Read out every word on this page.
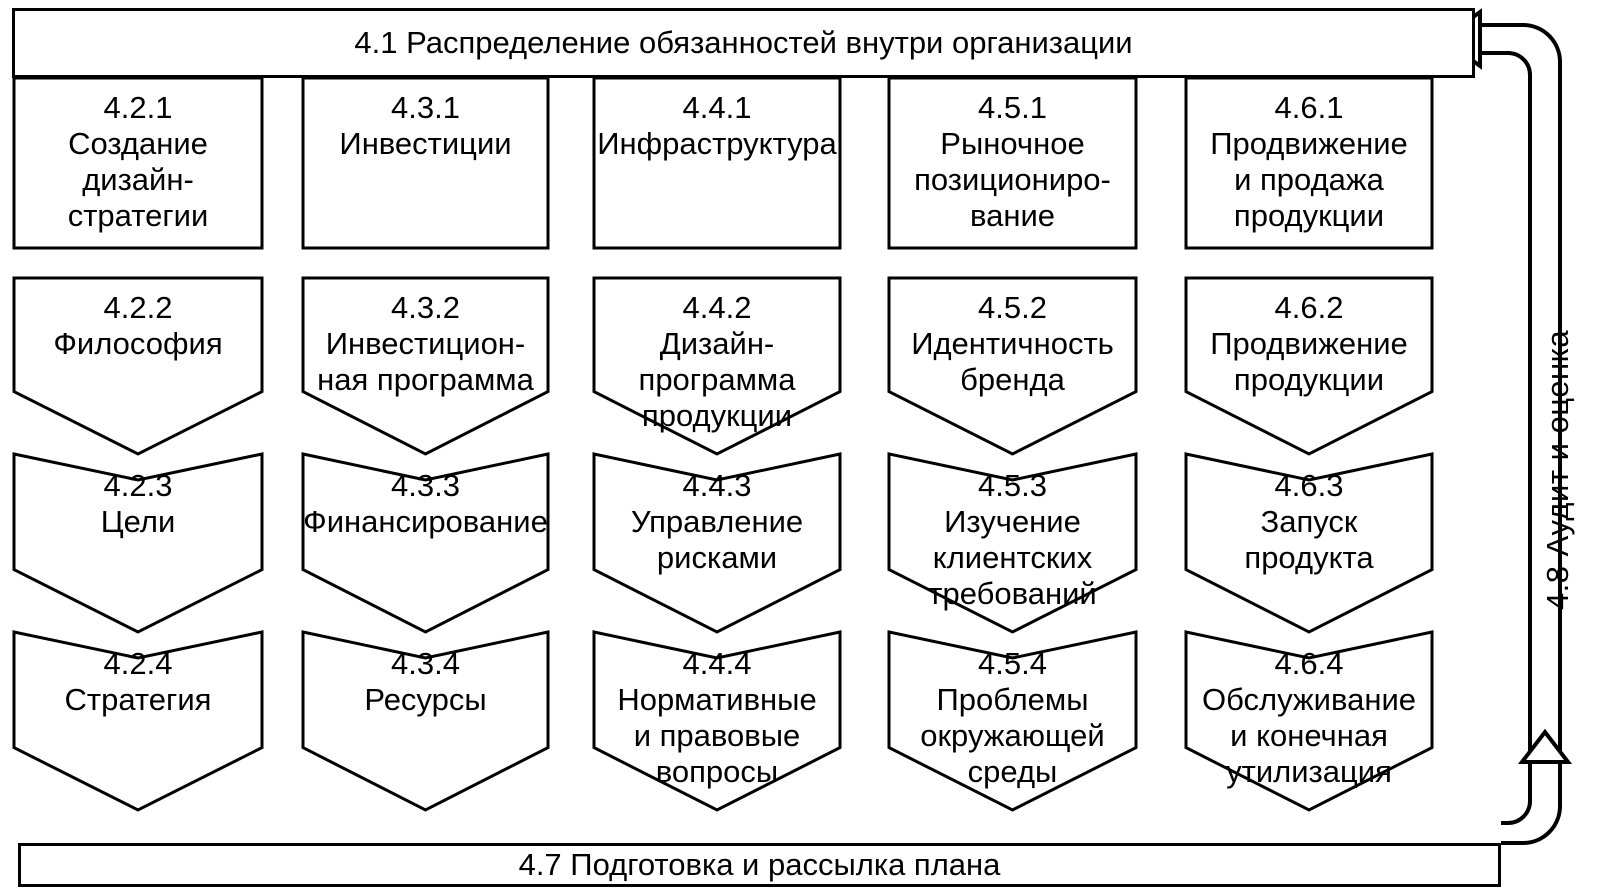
4.1 Распределение обязанностей внутри организации
4.7 Подготовка и рассылка плана
4.8 Аудит и оценка
4.2.1
Создание
дизайн-
стратегии
4.2.2
Философия
4.2.3
Цели
4.2.4
Стратегия
4.3.1
Инвестиции
4.3.2
Инвестицион-
ная программа
4.3.3
Финансирование
4.3.4
Ресурсы
4.4.1
Инфраструктура
4.4.2
Дизайн-
программа
продукции
4.4.3
Управление
рисками
4.4.4
Нормативные
и правовые
вопросы
4.5.1
Рыночное
позициониро-
вание
4.5.2
Идентичность
бренда
4.5.3
Изучение
клиентских
требований
4.5.4
Проблемы
окружающей
среды
4.6.1
Продвижение
и продажа
продукции
4.6.2
Продвижение
продукции
4.6.3
Запуск
продукта
4.6.4
Обслуживание
и конечная
утилизация
